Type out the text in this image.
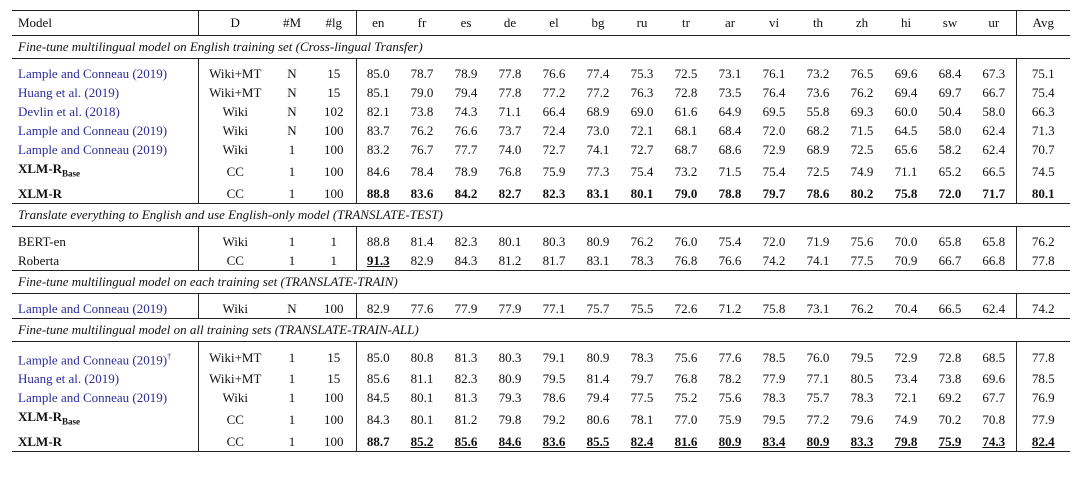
Model	D	#M	#lg	en	fr	es	de	el	bg	ru	tr	ar	vi	th	zh	hi	sw	ur	Avg
Fine-tune multilingual model on English training set (Cross-lingual Transfer)																			
Lample and Conneau (2019)	Wiki+MT	N	15	85.0	78.7	78.9	77.8	76.6	77.4	75.3	72.5	73.1	76.1	73.2	76.5	69.6	68.4	67.3	75.1
Huang et al. (2019)	Wiki+MT	N	15	85.1	79.0	79.4	77.8	77.2	77.2	76.3	72.8	73.5	76.4	73.6	76.2	69.4	69.7	66.7	75.4
Devlin et al. (2018)	Wiki	N	102	82.1	73.8	74.3	71.1	66.4	68.9	69.0	61.6	64.9	69.5	55.8	69.3	60.0	50.4	58.0	66.3
Lample and Conneau (2019)	Wiki	N	100	83.7	76.2	76.6	73.7	72.4	73.0	72.1	68.1	68.4	72.0	68.2	71.5	64.5	58.0	62.4	71.3
Lample and Conneau (2019)	Wiki	1	100	83.2	76.7	77.7	74.0	72.7	74.1	72.7	68.7	68.6	72.9	68.9	72.5	65.6	58.2	62.4	70.7
XLM-$R_{Base}$	CC	1	100	84.6	78.4	78.9	76.8	75.9	77.3	75.4	73.2	71.5	75.4	72.5	74.9	71.1	65.2	66.5	74.5
XLM-R	CC	1	100	88.8	83.6	84.2	82.7	82.3	83.1	80.1	79.0	78.8	79.7	78.6	80.2	75.8	72.0	71.7	80.1
Translate everything to English and use English-only model (TRANSLATE-TEST)																			
BERT-en	Wiki	1	1	88.8	81.4	82.3	80.1	80.3	80.9	76.2	76.0	75.4	72.0	71.9	75.6	70.0	65.8	65.8	76.2
Roberta	CC	1	1	91.3	82.9	84.3	81.2	81.7	83.1	78.3	76.8	76.6	74.2	74.1	77.5	70.9	66.7	66.8	77.8
Fine-tune multilingual model on each training set (TRANSLATE-TRAIN)																			
Lample and Conneau (2019)	Wiki	N	100	82.9	77.6	77.9	77.9	77.1	75.7	75.5	72.6	71.2	75.8	73.1	76.2	70.4	66.5	62.4	74.2
Fine-tune multilingual model on all training sets (TRANSLATE-TRAIN-ALL)																			
Lample and Conneau (2019)†	Wiki+MT	1	15	85.0	80.8	81.3	80.3	79.1	80.9	78.3	75.6	77.6	78.5	76.0	79.5	72.9	72.8	68.5	77.8
Huang et al. (2019)	Wiki+MT	1	15	85.6	81.1	82.3	80.9	79.5	81.4	79.7	76.8	78.2	77.9	77.1	80.5	73.4	73.8	69.6	78.5
Lample and Conneau (2019)	Wiki	1	100	84.5	80.1	81.3	79.3	78.6	79.4	77.5	75.2	75.6	78.3	75.7	78.3	72.1	69.2	67.7	76.9
XLM-$R_{Base}$	CC	1	100	84.3	80.1	81.2	79.8	79.2	80.6	78.1	77.0	75.9	79.5	77.2	79.6	74.9	70.2	70.8	77.9
XLM-R	CC	1	100	88.7	85.2	85.6	84.6	83.6	85.5	82.4	81.6	80.9	83.4	80.9	83.3	79.8	75.9	74.3	82.4
